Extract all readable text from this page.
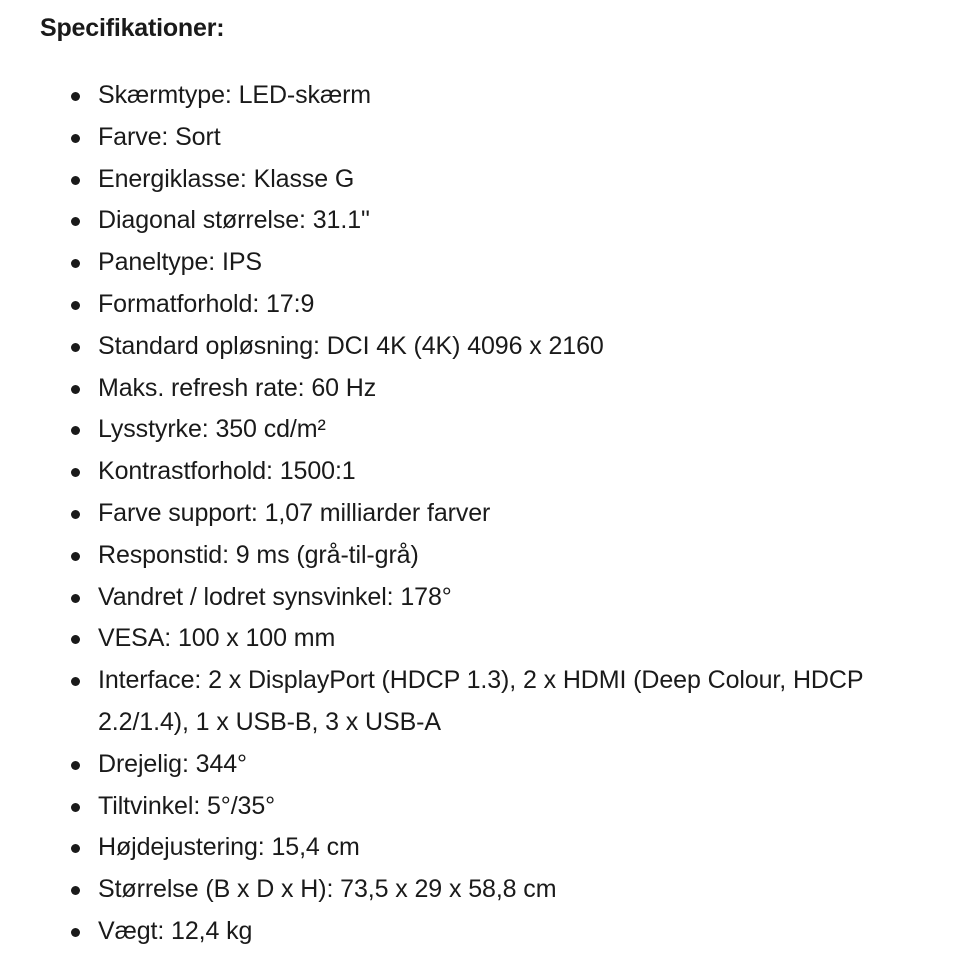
Specifikationer:
Skærmtype: LED-skærm
Farve: Sort
Energiklasse: Klasse G
Diagonal størrelse: 31.1"
Paneltype: IPS
Formatforhold: 17:9
Standard opløsning: DCI 4K (4K) 4096 x 2160
Maks. refresh rate: 60 Hz
Lysstyrke: 350 cd/m²
Kontrastforhold: 1500:1
Farve support: 1,07 milliarder farver
Responstid: 9 ms (grå-til-grå)
Vandret / lodret synsvinkel: 178°
VESA: 100 x 100 mm
Interface: 2 x DisplayPort (HDCP 1.3), 2 x HDMI (Deep Colour, HDCP 2.2/1.4), 1 x USB-B, 3 x USB-A
Drejelig: 344°
Tiltvinkel: 5°/35°
Højdejustering: 15,4 cm
Størrelse (B x D x H): 73,5 x 29 x 58,8 cm
Vægt: 12,4 kg
